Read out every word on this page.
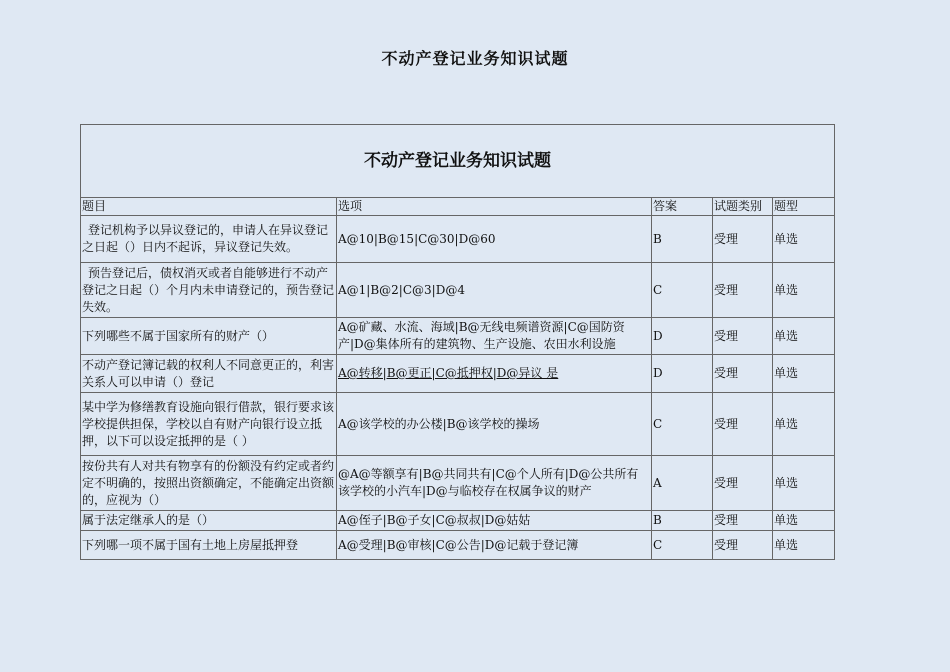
不动产登记业务知识试题
不动产登记业务知识试题				
题目	选项	答案	试题类别	题型
登记机构予以异议登记的，申请人在异议登记之日起（）日内不起诉，异议登记失效。	A@10|B@15|C@30|D@60	B	受理	单选
预告登记后，债权消灭或者自能够进行不动产登记之日起（）个月内未申请登记的，预告登记失效。	A@1|B@2|C@3|D@4	C	受理	单选
下列哪些不属于国家所有的财产（）	A@矿藏、水流、海域|B@无线电频谱资源|C@国防资产|D@集体所有的建筑物、生产设施、农田水利设施	D	受理	单选
不动产登记簿记载的权利人不同意更正的，利害关系人可以申请（）登记	A@转移|B@更正|C@抵押权|D@异议 是	D	受理	单选
某中学为修缮教育设施向银行借款，银行要求该学校提供担保，学校以自有财产向银行设立抵押，以下可以设定抵押的是（ ）	A@该学校的办公楼|B@该学校的操场	C	受理	单选
按份共有人对共有物享有的份额没有约定或者约定不明确的，按照出资额确定，不能确定出资额的，应视为（）	@A@等额享有|B@共同共有|C@个人所有|D@公共所有该学校的小汽车|D@与临校存在权属争议的财产	A	受理	单选
属于法定继承人的是（）	A@侄子|B@子女|C@叔叔|D@姑姑	B	受理	单选
下列哪一项不属于国有土地上房屋抵押登	A@受理|B@审核|C@公告|D@记载于登记簿	C	受理	单选
